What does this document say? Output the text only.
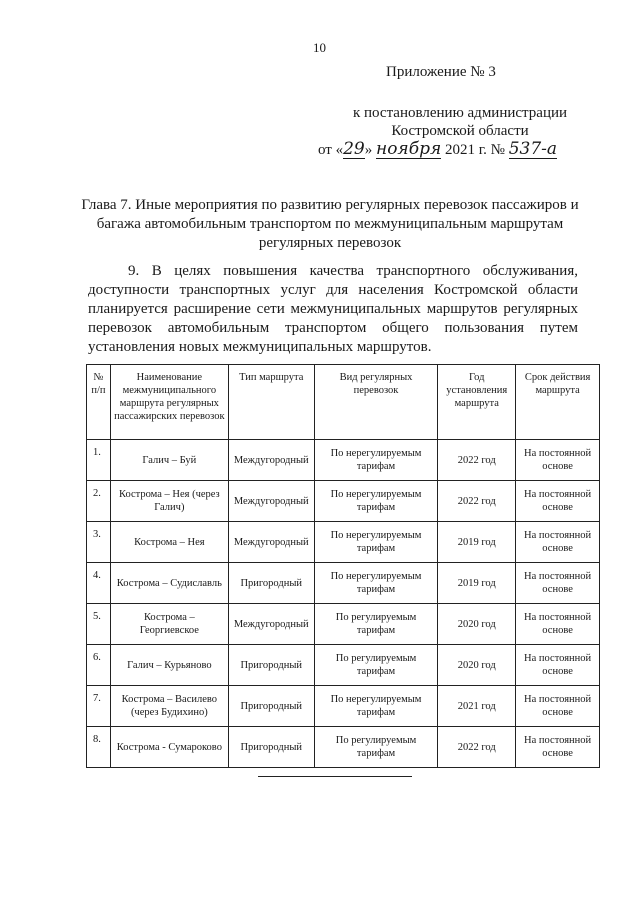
10
Приложение № 3
к постановлению администрации
Костромской области
от «29» ноября 2021 г. № 537-а
Глава 7. Иные мероприятия по развитию регулярных перевозок пассажиров и багажа автомобильным транспортом по межмуниципальным маршрутам регулярных перевозок
9. В целях повышения качества транспортного обслуживания, доступности транспортных услуг для населения Костромской области планируется расширение сети межмуниципальных маршрутов регулярных перевозок автомобильным транспортом общего пользования путем установления новых межмуниципальных маршрутов.
№ п/п	Наименование межмуниципального маршрута регулярных пассажирских перевозок	Тип маршрута	Вид регулярных перевозок	Год установления маршрута	Срок действия маршрута
1.	Галич – Буй	Междугородный	По нерегулируемым тарифам	2022 год	На постоянной основе
2.	Кострома – Нея (через Галич)	Междугородный	По нерегулируемым тарифам	2022 год	На постоянной основе
3.	Кострома – Нея	Междугородный	По нерегулируемым тарифам	2019 год	На постоянной основе
4.	Кострома – Судиславль	Пригородный	По нерегулируемым тарифам	2019 год	На постоянной основе
5.	Кострома – Георгиевское	Междугородный	По регулируемым тарифам	2020 год	На постоянной основе
6.	Галич – Курьяново	Пригородный	По регулируемым тарифам	2020 год	На постоянной основе
7.	Кострома – Василево (через Будихино)	Пригородный	По нерегулируемым тарифам	2021 год	На постоянной основе
8.	Кострома - Сумароково	Пригородный	По регулируемым тарифам	2022 год	На постоянной основе
